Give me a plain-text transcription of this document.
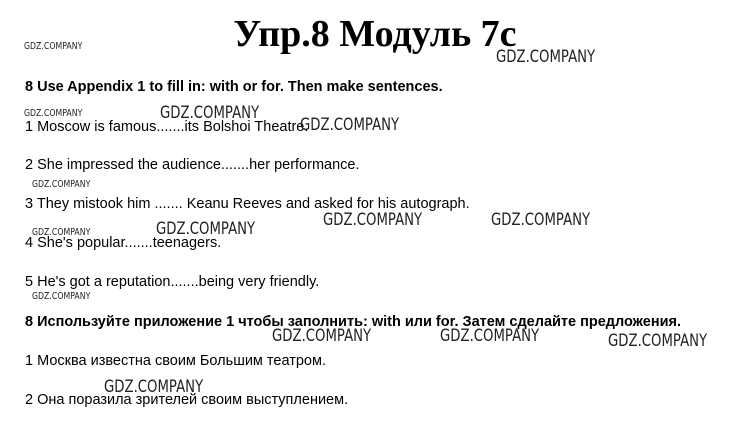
Упр.8 Модуль 7с
8 Use Appendix 1 to fill in: with or for. Then make sentences.
1 Moscow is famous.......its Bolshoi Theatre.
2 She impressed the audience.......her performance.
3 They mistook him ....... Keanu Reeves and asked for his autograph.
4 She's popular.......teenagers.
5 He's got a reputation.......being very friendly.
8 Используйте приложение 1 чтобы заполнить: with или for. Затем сделайте предложения.
1 Москва известна своим Большим театром.
2 Она поразила зрителей своим выступлением.
GDZ.COMPANY
GDZ.COMPANY
GDZ.COMPANY	GDZ.COMPANY
GDZ.COMPANY
GDZ.COMPANY
GDZ.COMPANY	GDZ.COMPANY
GDZ.COMPANY	GDZ.COMPANY
GDZ.COMPANY
GDZ.COMPANY	GDZ.COMPANY	GDZ.COMPANY
GDZ.COMPANY
